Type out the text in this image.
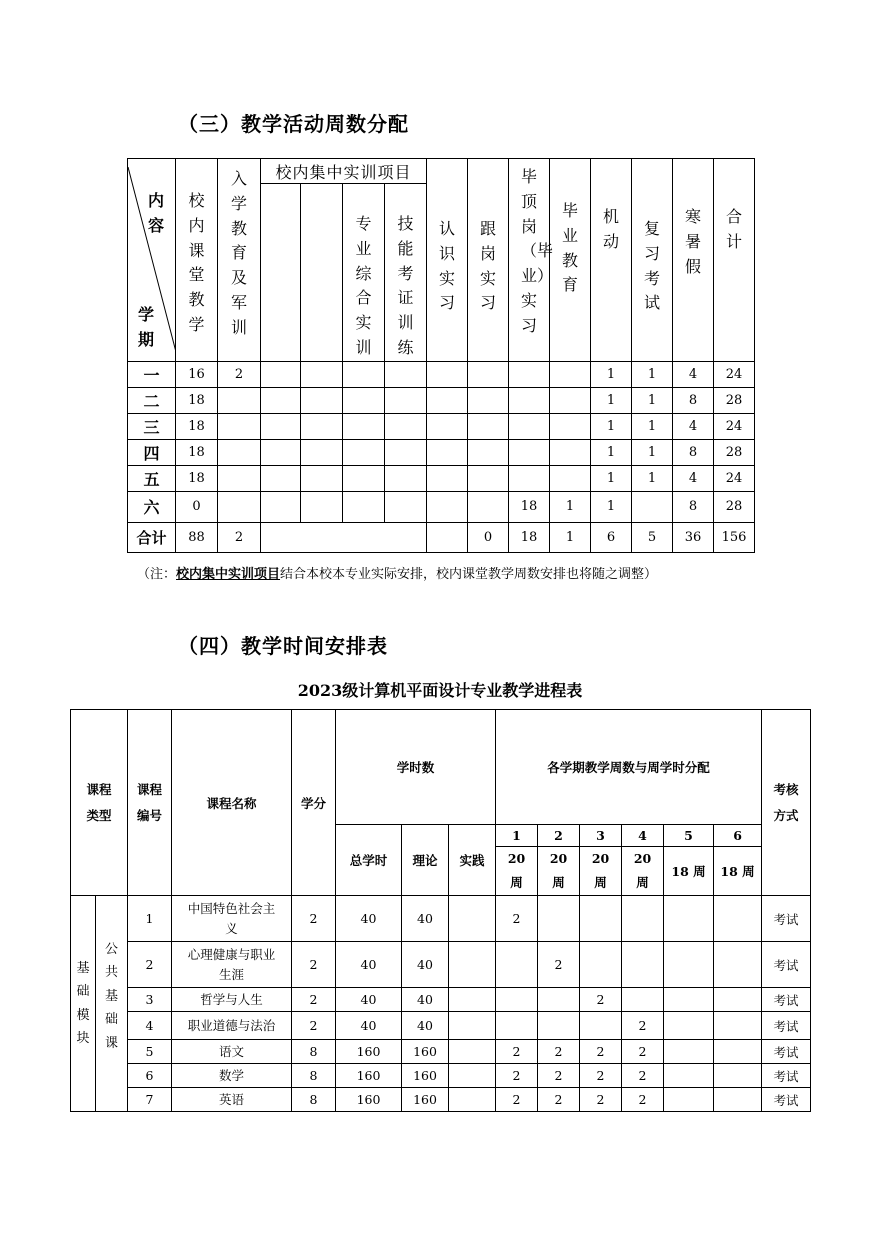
（三）教学活动周数分配
内容
学期	校内课堂教学	入学教育及军训	校内集中实训项目				认识实习	跟岗实习	毕顶岗（毕业）实习	毕业教育	机动	复习考试	寒暑假	合计
					专业综合实训	技能考证训练								
一	16	2									1	1	4	24
二	18										1	1	8	28
三	18										1	1	4	24
四	18										1	1	8	28
五	18										1	1	4	24
六	0								18	1	1		8	28
合计	88	2						0	18	1	6	5	36	156
（注：校内集中实训项目结合本校本专业实际安排，校内课堂教学周数安排也将随之调整）
（四）教学时间安排表
2023级计算机平面设计专业教学进程表
课程类型		课程编号	课程名称	学分	学时数			各学期教学周数与周学时分配						考核方式
					总学时	理论	实践	1	2	3	4	5	6	
								20周	20周	20周	20周	18 周	18 周	
基础模块	公共基础课	1	中国特色社会主义	2	40	40		2						考试
		2	心理健康与职业生涯	2	40	40			2					考试
		3	哲学与人生	2	40	40				2				考试
		4	职业道德与法治	2	40	40					2			考试
		5	语文	8	160	160		2	2	2	2			考试
		6	数学	8	160	160		2	2	2	2			考试
		7	英语	8	160	160		2	2	2	2			考试
